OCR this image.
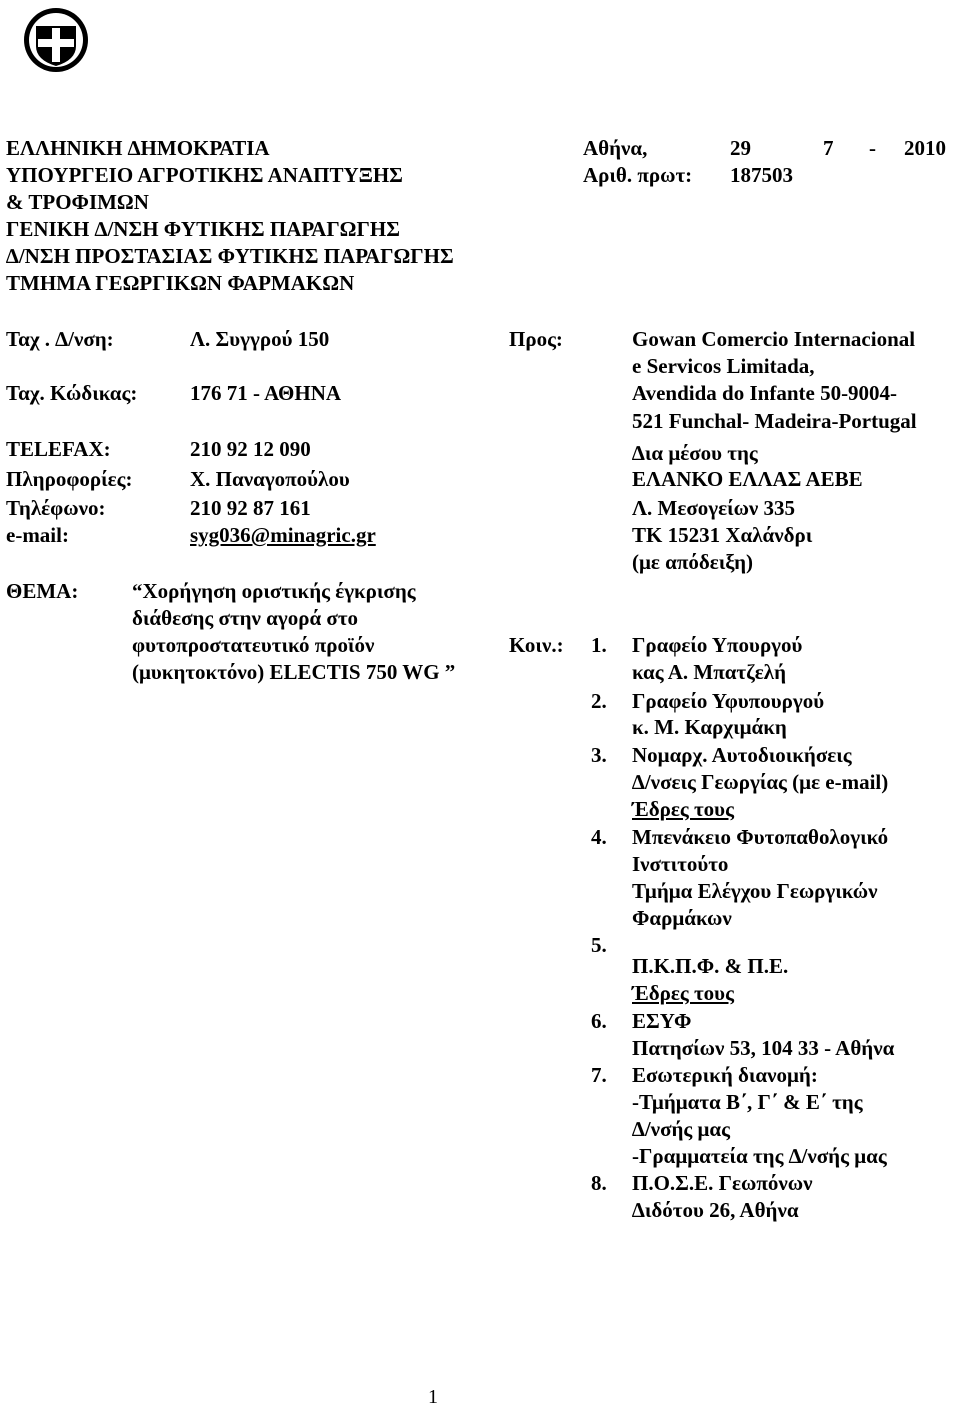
ΕΛΛΗΝΙΚΗ ∆ΗΜΟΚΡΑΤΙΑ
ΥΠΟΥΡΓΕΙΟ ΑΓΡΟΤΙΚΗΣ ΑΝΑΠΤΥΞΗΣ
& ΤΡΟΦΙΜΩΝ
ΓΕΝΙΚΗ ∆/ΝΣΗ ΦΥΤΙΚΗΣ ΠΑΡΑΓΩΓΗΣ
∆/ΝΣΗ ΠΡΟΣΤΑΣΙΑΣ ΦΥΤΙΚΗΣ ΠΑΡΑΓΩΓΗΣ
ΤΜΗΜΑ ΓΕΩΡΓΙΚΩΝ ΦΑΡΜΑΚΩΝ
Αθήνα,	29	7 - 2010
Αριθ. πρωτ: 187503
Ταχ . ∆/νση:	Λ. Συγγρού 150
Ταχ. Κώδικας:	176 71 - ΑΘΗΝΑ
TELEFAX:	210 92 12 090
Πληροφορίες:	Χ. Παναγοπούλου
Τηλέφωνο:	210 92 87 161
e-mail:	syg036@minagric.gr
Προς:	Gowan Comercio Internacional
e Servicos Limitada,
Avendida do Infante 50-9004-
521 Funchal- Madeira-Portugal
∆ια μέσου της
ΕΛΑΝΚΟ ΕΛΛΑΣ ΑΕΒΕ
Λ. Μεσογείων 335
ΤΚ 15231 Χαλάνδρι
(με απόδειξη)
ΘΕΜΑ:	“Χορήγηση οριστικής έγκρισης
διάθεσης στην αγορά στο
φυτοπροστατευτικό προϊόν
(μυκητοκτόνο) ELECTIS 750 WG ”
Κοιν.: 1. Γραφείο Υπουργού
κας Α. Μπατζελή
2. Γραφείο Υφυπουργού
κ. Μ. Καρχιμάκη
3. Νομαρχ. Αυτοδιοικήσεις
∆/νσεις Γεωργίας (με e-mail)
Έδρες τους
4. Μπενάκειο Φυτοπαθολογικό
Ινστιτούτο
Τμήμα Ελέγχου Γεωργικών
Φαρμάκων
5.
Π.Κ.Π.Φ. & Π.Ε.
Έδρες τους
6. ΕΣΥΦ
Πατησίων 53, 104 33 - Αθήνα
7. Εσωτερική διανομή:
-Τμήματα Β΄, Γ΄ & Ε΄ της
∆/νσής μας
-Γραμματεία της ∆/νσής μας
8. Π.Ο.Σ.Ε. Γεωπόνων
∆ιδότου 26, Αθήνα
1
